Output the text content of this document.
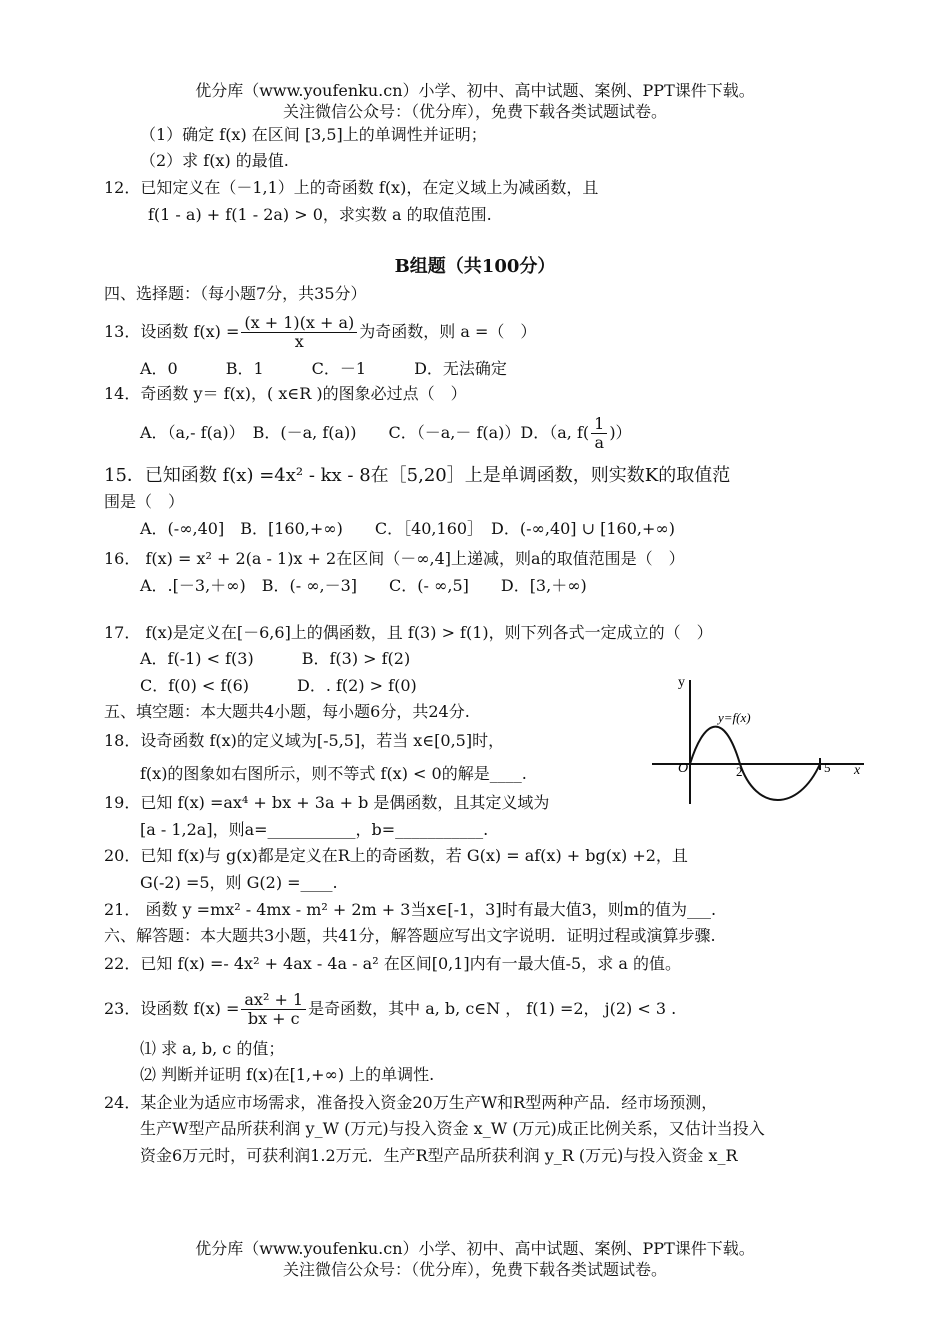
优分库（www.youfenku.cn）小学、初中、高中试题、案例、PPT课件下载。
关注微信公众号：（优分库），免费下载各类试题试卷。
（1）确定 f(x) 在区间 [3,5]上的单调性并证明；
（2）求 f(x) 的最值.
12．已知定义在（－1,1）上的奇函数 f(x)，在定义域上为减函数，且
f(1 - a) + f(1 - 2a) > 0，求实数 a 的取值范围.
B组题（共100分）
四、选择题：（每小题7分，共35分）
13．设函数 $f(x) = \frac{(x + 1)(x + a)}{x}$ 为奇函数，则 a =（　）
A．0　　　B．1　　　C．－1　　　D．无法确定
14．奇函数 y＝ f(x)，( x∈R )的图象必过点（　）
A．（a,- f(a)）　B．(－a, f(a))　　C．（－a,－ f(a)）D．（a, $f( \frac{1}{a}$ )）
15．已知函数 f(x) =4x² - kx - 8在［5,20］上是单调函数，则实数K的取值范
围是（　）
A．(-∞,40]　B．[160,+∞)　　C．［40,160］　D．(-∞,40] ∪ [160,+∞)
16． f(x) = x² + 2(a - 1)x + 2在区间（－∞,4]上递减，则a的取值范围是（　）
A．.[－3,＋∞)　B．(- ∞,－3]　　C．(- ∞,5]　　D．[3,＋∞)
17． f(x)是定义在[－6,6]上的偶函数，且 f(3) > f(1)，则下列各式一定成立的（　）
A．f(-1) < f(3)　　　B．f(3) > f(2)
C．f(0) < f(6)　　　D．. f(2) > f(0)
五、填空题：本大题共4小题，每小题6分，共24分.
18．设奇函数 f(x)的定义域为[-5,5]，若当 x∈[0,5]时，
f(x)的图象如右图所示，则不等式 f(x) < 0的解是____.
19．已知 f(x) =ax⁴ + bx + 3a + b 是偶函数，且其定义域为
[a - 1,2a]，则a=___________，b=___________.
20．已知 f(x)与 g(x)都是定义在R上的奇函数，若 G(x) = af(x) + bg(x) +2，且
G(-2) =5，则 G(2) =____.
21． 函数 y =mx² - 4mx - m² + 2m + 3当x∈[-1，3]时有最大值3，则m的值为___.
六、解答题：本大题共3小题，共41分，解答题应写出文字说明．证明过程或演算步骤.
22．已知 f(x) =- 4x² + 4ax - 4a - a² 在区间[0,1]内有一最大值-5，求 a 的值。
23．设函数 $f(x) = \frac{\text{ax² + 1}}{bx + c}$ 是奇函数，其中 a, b, c∈N ， f(1) =2， j(2) < 3 .
⑴ 求 a, b, c 的值；
⑵ 判断并证明 f(x)在[1,+∞) 上的单调性.
24．某企业为适应市场需求，准备投入资金20万生产W和R型两种产品．经市场预测，
生产W型产品所获利润 y_W (万元)与投入资金 x_W (万元)成正比例关系，又估计当投入
资金6万元时，可获利润1.2万元．生产R型产品所获利润 y_R (万元)与投入资金 x_R
y
x
y=f(x)
O	2	5
优分库（www.youfenku.cn）小学、初中、高中试题、案例、PPT课件下载。
关注微信公众号：（优分库），免费下载各类试题试卷。
